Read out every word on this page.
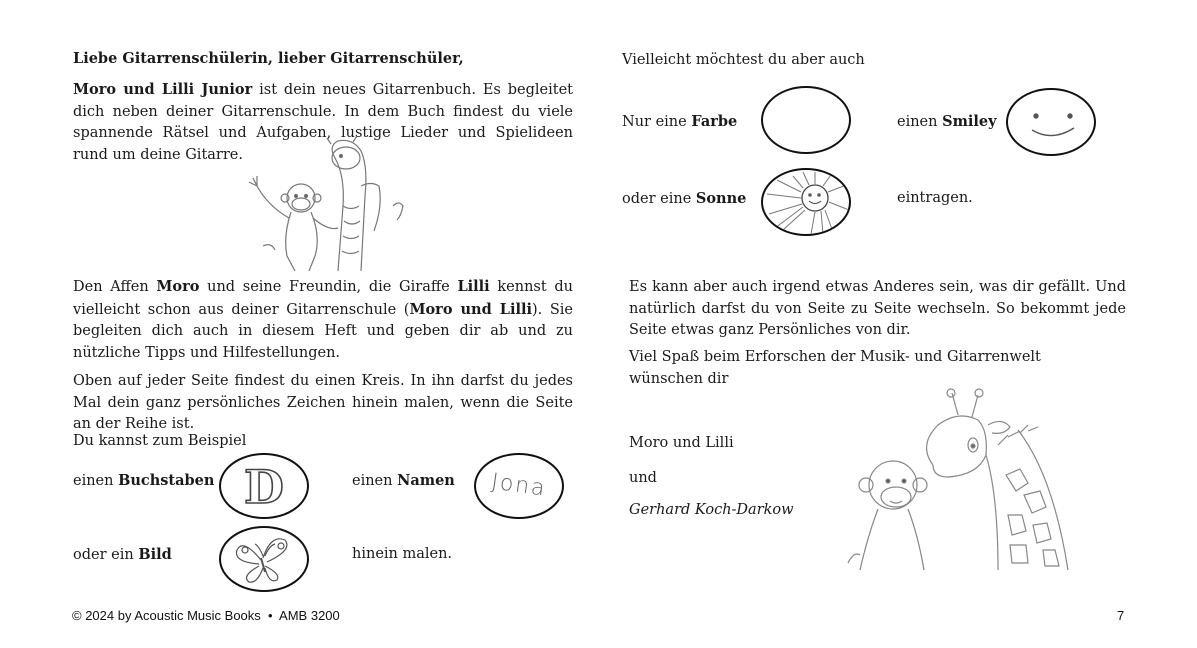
Liebe Gitarrenschülerin, lieber Gitarrenschüler,
Moro und Lilli Junior ist dein neues Gitarrenbuch. Es begleitet dich neben deiner Gitarrenschule. In dem Buch findest du viele spannende Rätsel und Aufgaben, lustige Lieder und Spielideen rund um deine Gitarre.
Den Affen Moro und seine Freundin, die Giraffe Lilli kennst du vielleicht schon aus deiner Gitarrenschule (Moro und Lilli). Sie begleiten dich auch in diesem Heft und geben dir ab und zu nützliche Tipps und Hilfestellungen.
Oben auf jeder Seite findest du einen Kreis. In ihn darfst du jedes Mal dein ganz persönliches Zeichen hinein malen, wenn die Seite an der Reihe ist.
Du kannst zum Beispiel
einen Buchstaben D	einen Namen	Jona
oder ein Bild	hinein malen.
Vielleicht möchtest du aber auch
Nur eine Farbe	einen Smiley
oder eine Sonne	eintragen.
Es kann aber auch irgend etwas Anderes sein, was dir gefällt. Und natürlich darfst du von Seite zu Seite wechseln. So bekommt jede Seite etwas ganz Persönliches von dir.
Viel Spaß beim Erforschen der Musik- und Gitarrenwelt wünschen dir
Moro und Lilli
und
Gerhard Koch-Darkow
© 2024 by Acoustic Music Books  •  AMB 3200	7
